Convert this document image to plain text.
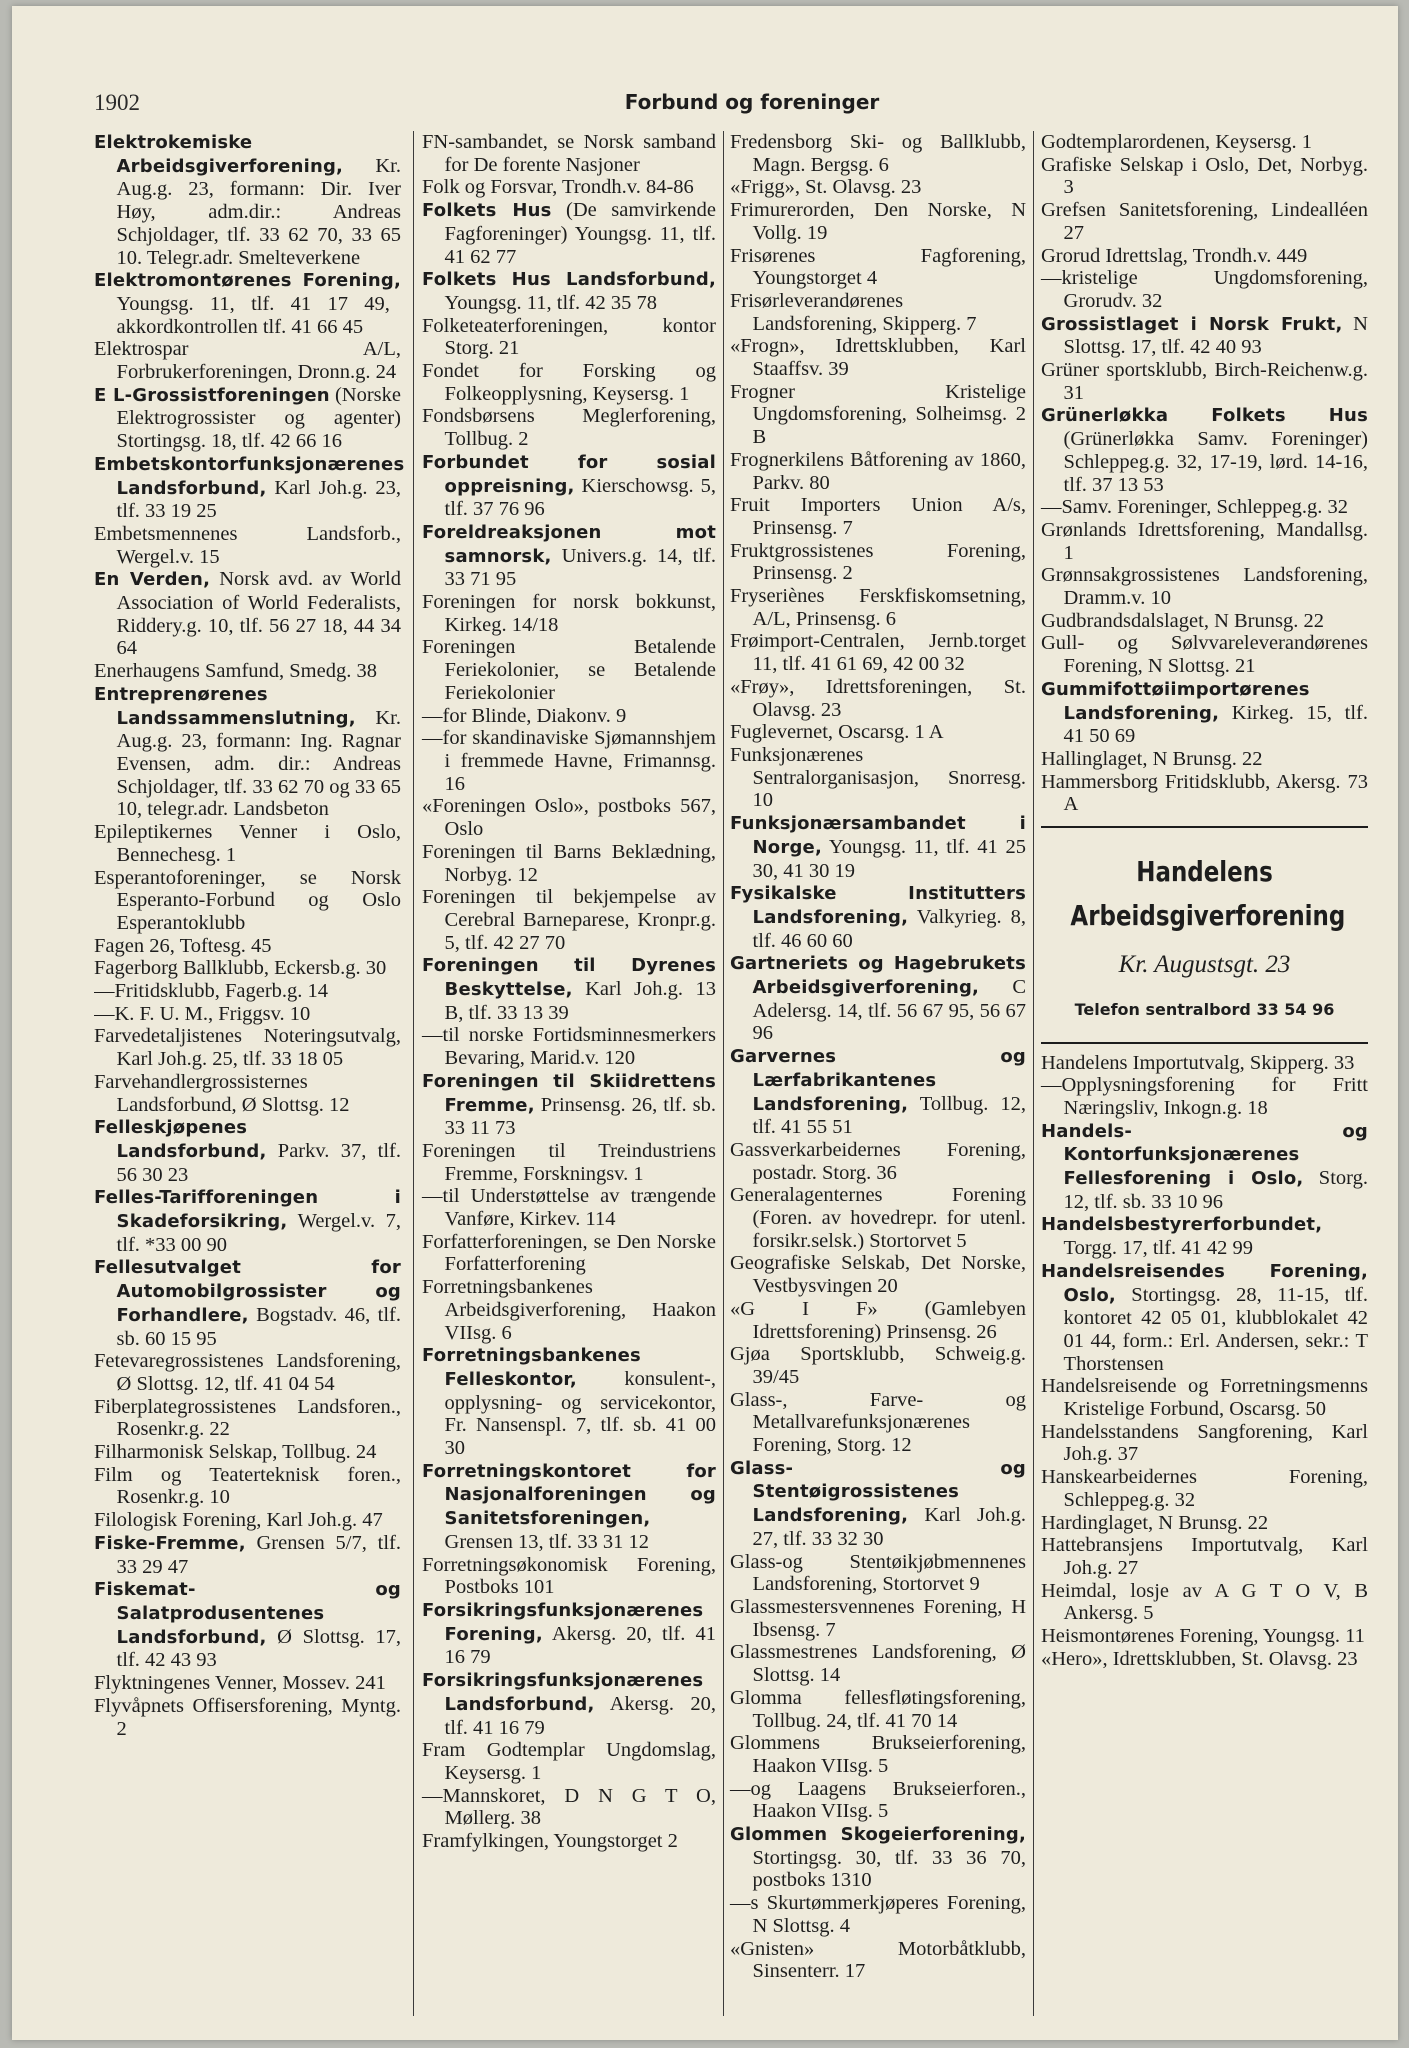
1902	Forbund og foreninger
Elektrokemiske Arbeidsgiverforening, Kr. Aug.g. 23, formann: Dir. Iver Høy, adm.dir.: Andreas Schjoldager, tlf. 33 62 70, 33 65 10. Telegr.adr. Smelteverkene
Elektromontørenes Forening, Youngsg. 11, tlf. 41 17 49, akkordkontrollen tlf. 41 66 45
Elektrospar A/L, Forbrukerforeningen, Dronn.g. 24
E L-Grossistforeningen (Norske Elektrogrossister og agenter) Stortingsg. 18, tlf. 42 66 16
Embetskontorfunksjonærenes Landsforbund, Karl Joh.g. 23, tlf. 33 19 25
Embetsmennenes Landsforb., Wergel.v. 15
En Verden, Norsk avd. av World Association of World Federalists, Riddery.g. 10, tlf. 56 27 18, 44 34 64
Enerhaugens Samfund, Smedg. 38
Entreprenørenes Landssammenslutning, Kr. Aug.g. 23, formann: Ing. Ragnar Evensen, adm. dir.: Andreas Schjoldager, tlf. 33 62 70 og 33 65 10, telegr.adr. Landsbeton
Epileptikernes Venner i Oslo, Bennechesg. 1
Esperantoforeninger, se Norsk Esperanto-Forbund og Oslo Esperantoklubb
Fagen 26, Toftesg. 45
Fagerborg Ballklubb, Eckersb.g. 30
—Fritidsklubb, Fagerb.g. 14
—K. F. U. M., Friggsv. 10
Farvedetaljistenes Noteringsutvalg, Karl Joh.g. 25, tlf. 33 18 05
Farvehandlergrossisternes Landsforbund, Ø Slottsg. 12
Felleskjøpenes Landsforbund, Parkv. 37, tlf. 56 30 23
Felles-Tarifforeningen i Skadeforsikring, Wergel.v. 7, tlf. *33 00 90
Fellesutvalget for Automobilgrossister og Forhandlere, Bogstadv. 46, tlf. sb. 60 15 95
Fetevaregrossistenes Landsforening, Ø Slottsg. 12, tlf. 41 04 54
Fiberplategrossistenes Landsforen., Rosenkr.g. 22
Filharmonisk Selskap, Tollbug. 24
Film og Teaterteknisk foren., Rosenkr.g. 10
Filologisk Forening, Karl Joh.g. 47
Fiske-Fremme, Grensen 5/7, tlf. 33 29 47
Fiskemat- og Salatprodusentenes Landsforbund, Ø Slottsg. 17, tlf. 42 43 93
Flyktningenes Venner, Mossev. 241
Flyvåpnets Offisersforening, Myntg. 2
FN-sambandet, se Norsk samband for De forente Nasjoner
Folk og Forsvar, Trondh.v. 84-86
Folkets Hus (De samvirkende Fagforeninger) Youngsg. 11, tlf. 41 62 77
Folkets Hus Landsforbund, Youngsg. 11, tlf. 42 35 78
Folketeaterforeningen, kontor Storg. 21
Fondet for Forsking og Folkeopplysning, Keysersg. 1
Fondsbørsens Meglerforening, Tollbug. 2
Forbundet for sosial oppreisning, Kierschowsg. 5, tlf. 37 76 96
Foreldreaksjonen mot samnorsk, Univers.g. 14, tlf. 33 71 95
Foreningen for norsk bokkunst, Kirkeg. 14/18
Foreningen Betalende Feriekolonier, se Betalende Feriekolonier
—for Blinde, Diakonv. 9
—for skandinaviske Sjømannshjem i fremmede Havne, Frimannsg. 16
«Foreningen Oslo», postboks 567, Oslo
Foreningen til Barns Beklædning, Norbyg. 12
Foreningen til bekjempelse av Cerebral Barneparese, Kronpr.g. 5, tlf. 42 27 70
Foreningen til Dyrenes Beskyttelse, Karl Joh.g. 13 B, tlf. 33 13 39
—til norske Fortidsminnesmerkers Bevaring, Marid.v. 120
Foreningen til Skiidrettens Fremme, Prinsensg. 26, tlf. sb. 33 11 73
Foreningen til Treindustriens Fremme, Forskningsv. 1
—til Understøttelse av trængende Vanføre, Kirkev. 114
Forfatterforeningen, se Den Norske Forfatterforening
Forretningsbankenes Arbeidsgiverforening, Haakon VIIsg. 6
Forretningsbankenes Felleskontor, konsulent-, opplysning- og servicekontor, Fr. Nansenspl. 7, tlf. sb. 41 00 30
Forretningskontoret for Nasjonalforeningen og Sanitetsforeningen, Grensen 13, tlf. 33 31 12
Forretningsøkonomisk Forening, Postboks 101
Forsikringsfunksjonærenes Forening, Akersg. 20, tlf. 41 16 79
Forsikringsfunksjonærenes Landsforbund, Akersg. 20, tlf. 41 16 79
Fram Godtemplar Ungdomslag, Keysersg. 1
—Mannskoret, D N G T O, Møllerg. 38
Framfylkingen, Youngstorget 2
Fredensborg Ski- og Ballklubb, Magn. Bergsg. 6
«Frigg», St. Olavsg. 23
Frimurerorden, Den Norske, N Vollg. 19
Frisørenes Fagforening, Youngstorget 4
Frisørleverandørenes Landsforening, Skipperg. 7
«Frogn», Idrettsklubben, Karl Staaffsv. 39
Frogner Kristelige Ungdomsforening, Solheimsg. 2 B
Frognerkilens Båtforening av 1860, Parkv. 80
Fruit Importers Union A/s, Prinsensg. 7
Fruktgrossistenes Forening, Prinsensg. 2
Fryseriènes Ferskfiskomsetning, A/L, Prinsensg. 6
Frøimport-Centralen, Jernb.torget 11, tlf. 41 61 69, 42 00 32
«Frøy», Idrettsforeningen, St. Olavsg. 23
Fuglevernet, Oscarsg. 1 A
Funksjonærenes Sentralorganisasjon, Snorresg. 10
Funksjonærsambandet i Norge, Youngsg. 11, tlf. 41 25 30, 41 30 19
Fysikalske Institutters Landsforening, Valkyrieg. 8, tlf. 46 60 60
Gartneriets og Hagebrukets Arbeidsgiverforening, C Adelersg. 14, tlf. 56 67 95, 56 67 96
Garvernes og Lærfabrikantenes Landsforening, Tollbug. 12, tlf. 41 55 51
Gassverkarbeidernes Forening, postadr. Storg. 36
Generalagenternes Forening (Foren. av hovedrepr. for utenl. forsikr.selsk.) Stortorvet 5
Geografiske Selskab, Det Norske, Vestbysvingen 20
«G I F» (Gamlebyen Idrettsforening) Prinsensg. 26
Gjøa Sportsklubb, Schweig.g. 39/45
Glass-, Farve- og Metallvarefunksjonærenes Forening, Storg. 12
Glass- og Stentøigrossistenes Landsforening, Karl Joh.g. 27, tlf. 33 32 30
Glass-og Stentøikjøbmennenes Landsforening, Stortorvet 9
Glassmestersvennenes Forening, H Ibsensg. 7
Glassmestrenes Landsforening, Ø Slottsg. 14
Glomma fellesfløtingsforening, Tollbug. 24, tlf. 41 70 14
Glommens Brukseierforening, Haakon VIIsg. 5
—og Laagens Brukseierforen., Haakon VIIsg. 5
Glommen Skogeierforening, Stortingsg. 30, tlf. 33 36 70, postboks 1310
—s Skurtømmerkjøperes Forening, N Slottsg. 4
«Gnisten» Motorbåtklubb, Sinsenterr. 17
Godtemplarordenen, Keysersg. 1
Grafiske Selskap i Oslo, Det, Norbyg. 3
Grefsen Sanitetsforening, Lindealléen 27
Grorud Idrettslag, Trondh.v. 449
—kristelige Ungdomsforening, Grorudv. 32
Grossistlaget i Norsk Frukt, N Slottsg. 17, tlf. 42 40 93
Grüner sportsklubb, Birch-Reichenw.g. 31
Grünerløkka Folkets Hus (Grünerløkka Samv. Foreninger) Schleppeg.g. 32, 17-19, lørd. 14-16, tlf. 37 13 53
—Samv. Foreninger, Schleppeg.g. 32
Grønlands Idrettsforening, Mandallsg. 1
Grønnsakgrossistenes Landsforening, Dramm.v. 10
Gudbrandsdalslaget, N Brunsg. 22
Gull- og Sølvvareleverandørenes Forening, N Slottsg. 21
Gummifottøiimportørenes Landsforening, Kirkeg. 15, tlf. 41 50 69
Hallinglaget, N Brunsg. 22
Hammersborg Fritidsklubb, Akersg. 73 A
Handelens
Arbeidsgiverforening
Kr. Augustsgt. 23
Telefon sentralbord 33 54 96
Handelens Importutvalg, Skipperg. 33
—Opplysningsforening for Fritt Næringsliv, Inkogn.g. 18
Handels- og Kontorfunksjonærenes Fellesforening i Oslo, Storg. 12, tlf. sb. 33 10 96
Handelsbestyrerforbundet, Torgg. 17, tlf. 41 42 99
Handelsreisendes Forening, Oslo, Stortingsg. 28, 11-15, tlf. kontoret 42 05 01, klubblokalet 42 01 44, form.: Erl. Andersen, sekr.: T Thorstensen
Handelsreisende og Forretningsmenns Kristelige Forbund, Oscarsg. 50
Handelsstandens Sangforening, Karl Joh.g. 37
Hanskearbeidernes Forening, Schleppeg.g. 32
Hardinglaget, N Brunsg. 22
Hattebransjens Importutvalg, Karl Joh.g. 27
Heimdal, losje av A G T O V, B Ankersg. 5
Heismontørenes Forening, Youngsg. 11
«Hero», Idrettsklubben, St. Olavsg. 23
